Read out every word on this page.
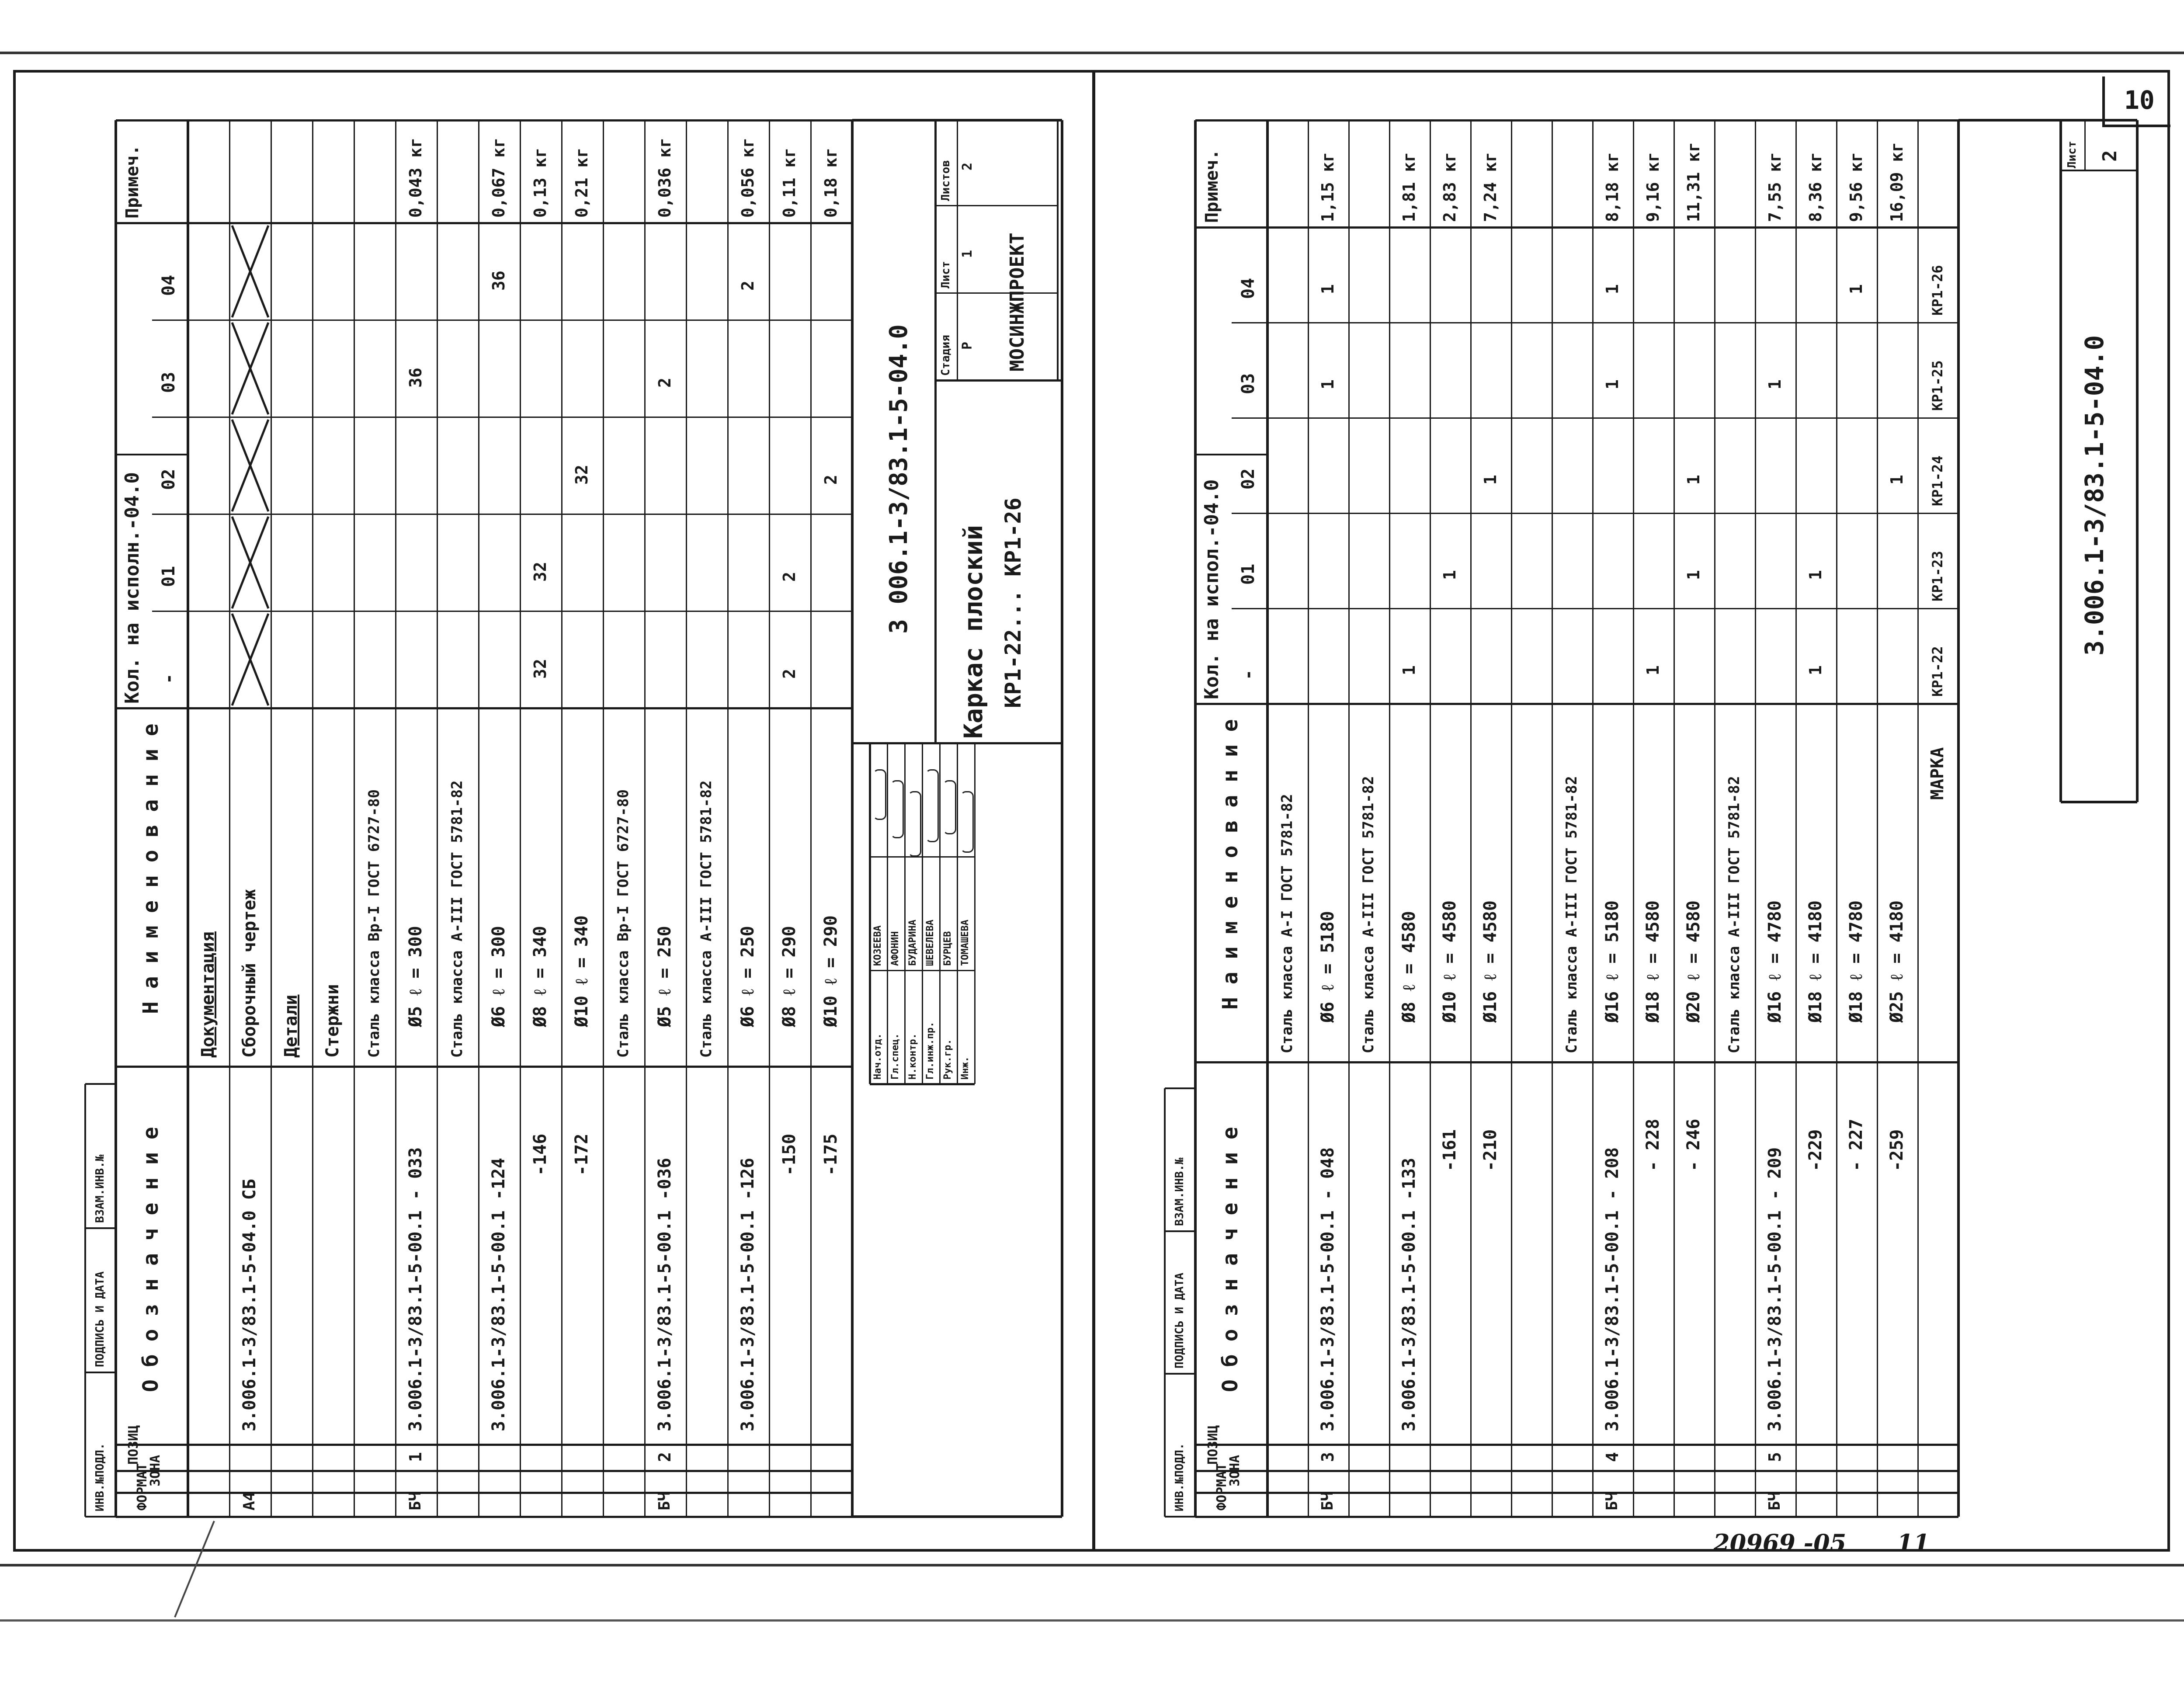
10
20969 -05 11
ФОРМАТ
ЗОНА
ПОЗИЦ
О б о з н а ч е н и е
Н а и м е н о в а н и е
Кол. на исполн.-04.0 -
01
02
03
04
Примеч.
Документация
А4
3.006.1-3/83.1-5-04.0 СБ
Сборочный чертеж Детали Стержни Сталь класса Вр-I ГОСТ 6727-80
БЧ
1
3.006.1-3/83.1-5-00.1 - 033
Ø5 ℓ = 300
36
0,043 кг
Сталь класса А-III ГОСТ 5781-82
3.006.1-3/83.1-5-00.1 -124
Ø6 ℓ = 300
36
0,067 кг
-146
Ø8 ℓ = 340
32
32
0,13 кг
-172
Ø10 ℓ = 340
32
0,21 кг
Сталь класса Вр-I ГОСТ 6727-80
БЧ
2
3.006.1-3/83.1-5-00.1 -036
Ø5 ℓ = 250
2
0,036 кг
Сталь класса А-III ГОСТ 5781-82
3.006.1-3/83.1-5-00.1 -126
Ø6 ℓ = 250
2
0,056 кг
-150
Ø8 ℓ = 290
2
2
0,11 кг
-175
Ø10 ℓ = 290
2
0,18 кг
ИНВ.№ПОДЛ.
ПОДПИСЬ И ДАТА
ВЗАМ.ИНВ.№
3 006.1-3/83.1-5-04.0 Каркас плоский КР1-22... КР1-26
Стадия
Лист
Листов
Р
1
2
МОСИНЖПРОЕКТ
Нач.отд.
КОЗЕЕВА
Гл.спец.
АФОНИН
Н.контр.
БУДАРИНА
Гл.инж.пр.
ШЕВЕЛЕВА
Рук.гр.
БУРЦЕВ
Инж.
ТОМАШЕВА
ФОРМАТ
ЗОНА
ПОЗИЦ
О б о з н а ч е н и е
Н а и м е н о в а н и е
Кол. на испол.-04.0 -
01
02
03
04
Примеч.
Сталь класса А-I ГОСТ 5781-82
БЧ
3
3.006.1-3/83.1-5-00.1 - 048
Ø6 ℓ = 5180
1
1
1,15 кг
Сталь класса А-III ГОСТ 5781-82
3.006.1-3/83.1-5-00.1 -133
Ø8 ℓ = 4580
1
1,81 кг
-161
Ø10 ℓ = 4580
1
2,83 кг
-210
Ø16 ℓ = 4580
1
7,24 кг
Сталь класса А-III ГОСТ 5781-82
БЧ
4
3.006.1-3/83.1-5-00.1 - 208
Ø16 ℓ = 5180
1
1
8,18 кг
- 228
Ø18 ℓ = 4580
1
9,16 кг
- 246
Ø20 ℓ = 4580
1
1
11,31 кг
Сталь класса А-III ГОСТ 5781-82
БЧ
5
3.006.1-3/83.1-5-00.1 - 209
Ø16 ℓ = 4780
1
7,55 кг
-229
Ø18 ℓ = 4180
1
1
8,36 кг
- 227
Ø18 ℓ = 4780
1
9,56 кг
-259
Ø25 ℓ = 4180
1
16,09 кг
МАРКА
КР1-22
КР1-23
КР1-24
КР1-25
КР1-26
ИНВ.№ПОДЛ.
ПОДПИСЬ И ДАТА
ВЗАМ.ИНВ.№
3.006.1-3/83.1-5-04.0
Лист 2
